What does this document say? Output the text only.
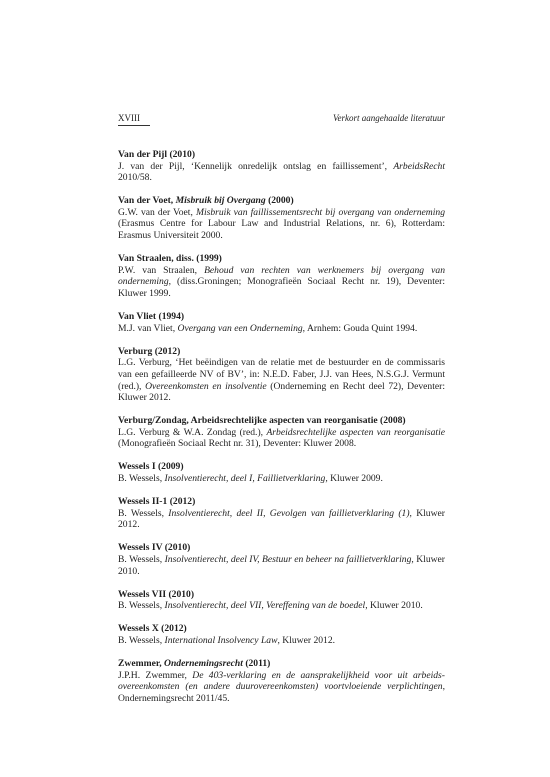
XVIII	Verkort aangehaalde literatuur
Van der Pijl (2010)
J. van der Pijl, ‘Kennelijk onredelijk ontslag en faillissement’, ArbeidsRecht 2010/58.
Van der Voet, Misbruik bij Overgang (2000)
G.W. van der Voet, Misbruik van faillissementsrecht bij overgang van onderneming (Erasmus Centre for Labour Law and Industrial Relations, nr. 6), Rotterdam: Erasmus Universiteit 2000.
Van Straalen, diss. (1999)
P.W. van Straalen, Behoud van rechten van werknemers bij overgang van onderneming, (diss.Groningen; Monografieën Sociaal Recht nr. 19), Deventer: Kluwer 1999.
Van Vliet (1994)
M.J. van Vliet, Overgang van een Onderneming, Arnhem: Gouda Quint 1994.
Verburg (2012)
L.G. Verburg, ‘Het beëindigen van de relatie met de bestuurder en de commissaris van een gefailleerde NV of BV’, in: N.E.D. Faber, J.J. van Hees, N.S.G.J. Vermunt (red.), Overeenkomsten en insolventie (Onderneming en Recht deel 72), Deventer: Kluwer 2012.
Verburg/Zondag, Arbeidsrechtelijke aspecten van reorganisatie (2008)
L.G. Verburg & W.A. Zondag (red.), Arbeidsrechtelijke aspecten van reorganisatie (Monografieën Sociaal Recht nr. 31), Deventer: Kluwer 2008.
Wessels I (2009)
B. Wessels, Insolventierecht, deel I, Faillietverklaring, Kluwer 2009.
Wessels II-1 (2012)
B. Wessels, Insolventierecht, deel II, Gevolgen van faillietverklaring (1), Kluwer 2012.
Wessels IV (2010)
B. Wessels, Insolventierecht, deel IV, Bestuur en beheer na faillietverklaring, Kluwer 2010.
Wessels VII (2010)
B. Wessels, Insolventierecht, deel VII, Vereffening van de boedel, Kluwer 2010.
Wessels X (2012)
B. Wessels, International Insolvency Law, Kluwer 2012.
Zwemmer, Ondernemingsrecht (2011)
J.P.H. Zwemmer, De 403-verklaring en de aansprakelijkheid voor uit arbeidsovereenkomsten (en andere duurovereenkomsten) voortvloeiende verplichtingen, Ondernemingsrecht 2011/45.
